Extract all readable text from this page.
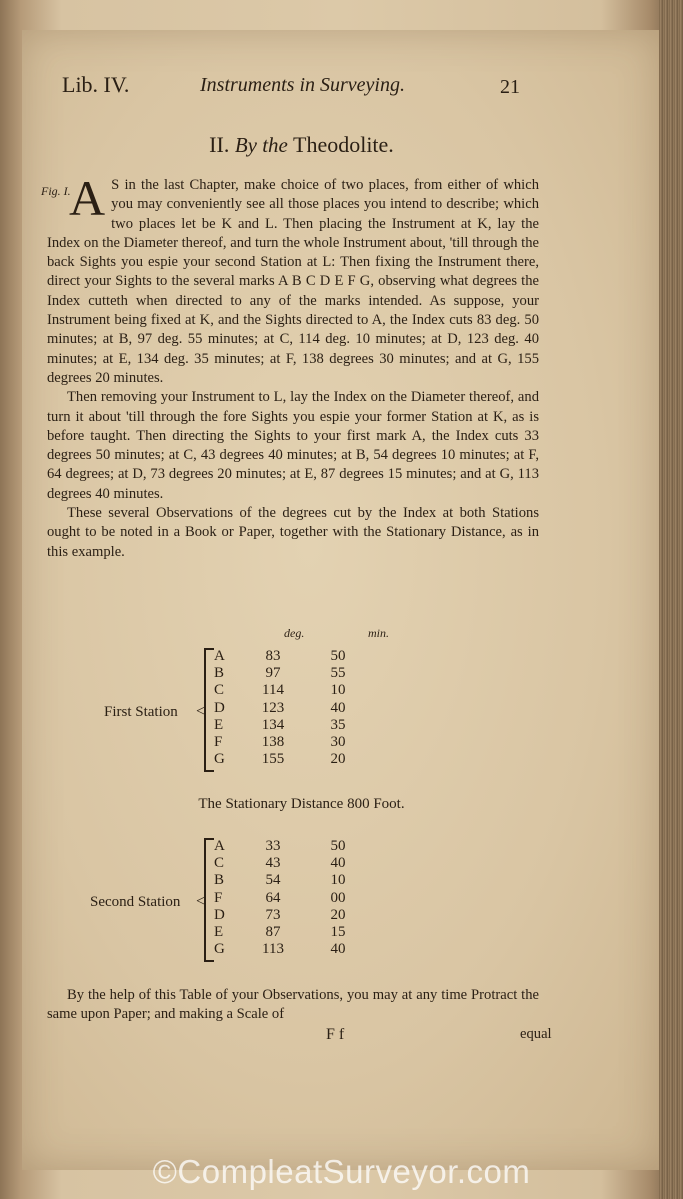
Lib. IV.	Instruments in Surveying.	21
II. By the Theodolite.
Fig. I.

A S in the last Chapter, make choice of two places, from either of which you may conveniently see all those places you intend to describe; which two places let be K and L. Then placing the Instrument at K, lay the Index on the Diameter thereof, and turn the whole Instrument about, 'till through the back Sights you espie your second Station at L: Then fixing the Instrument there, direct your Sights to the several marks A B C D E F G, observing what degrees the Index cutteth when directed to any of the marks intended. As suppose, your Instrument being fixed at K, and the Sights directed to A, the Index cuts 83 deg. 50 minutes; at B, 97 deg. 55 minutes; at C, 114 deg. 10 minutes; at D, 123 deg. 40 minutes; at E, 134 deg. 35 minutes; at F, 138 degrees 30 minutes; and at G, 155 degrees 20 minutes.

Then removing your Instrument to L, lay the Index on the Diameter thereof, and turn it about 'till through the fore Sights you espie your former Station at K, as is before taught. Then directing the Sights to your first mark A, the Index cuts 33 degrees 50 minutes; at C, 43 degrees 40 minutes; at B, 54 degrees 10 minutes; at F, 64 degrees; at D, 73 degrees 20 minutes; at E, 87 degrees 15 minutes; and at G, 113 degrees 40 minutes.

These several Observations of the degrees cut by the Index at both Stations ought to be noted in a Book or Paper, together with the Stationary Distance, as in this example.

deg.	min.
First Station <
A	83	50
B	97	55
C	114	10
D	123	40
E	134	35
F	138	30
G	155	20
The Stationary Distance 800 Foot.
Second Station <
A	33	50
C	43	40
B	54	10
F	64	00
D	73	20
E	87	15
G	113	40

By the help of this Table of your Observations, you may at any time Protract the same upon Paper; and making a Scale of

F f	equal
©CompleatSurveyor.com
